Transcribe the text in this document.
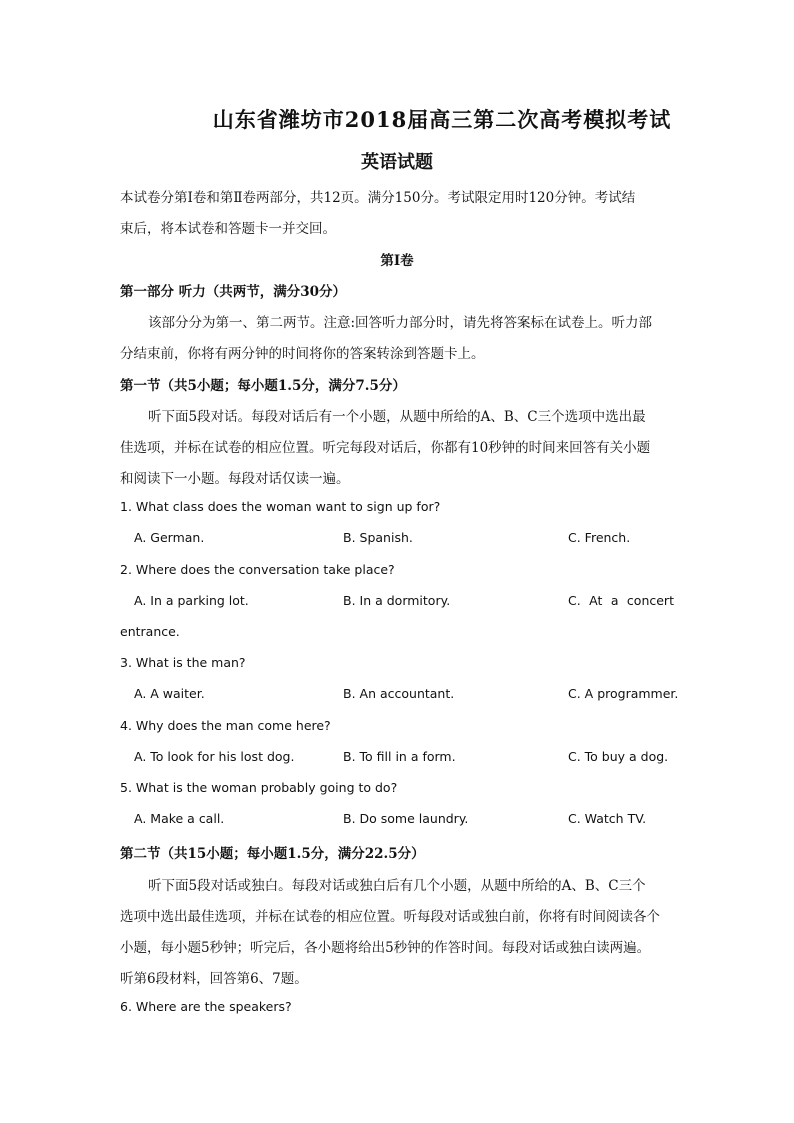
山东省潍坊市2018届高三第二次高考模拟考试
英语试题
本试卷分第Ⅰ卷和第Ⅱ卷两部分，共12页。满分150分。考试限定用时120分钟。考试结
束后，将本试卷和答题卡一并交回。
第Ⅰ卷
第一部分 听力（共两节，满分30分）
该部分分为第一、第二两节。注意:回答听力部分时，请先将答案标在试卷上。听力部
分结束前，你将有两分钟的时间将你的答案转涂到答题卡上。
第一节（共5小题；每小题1.5分，满分7.5分）
听下面5段对话。每段对话后有一个小题，从题中所给的A、B、C三个选项中选出最
佳选项，并标在试卷的相应位置。听完每段对话后，你都有10秒钟的时间来回答有关小题
和阅读下一小题。每段对话仅读一遍。
1. What class does the woman want to sign up for?
A. German.	B. Spanish.	C. French.
2. Where does the conversation take place?
A. In a parking lot.	B. In a dormitory.	C. At a concert
entrance.
3. What is the man?
A. A waiter.	B. An accountant.	C. A programmer.
4. Why does the man come here?
A. To look for his lost dog.	B. To fill in a form.	C. To buy a dog.
5. What is the woman probably going to do?
A. Make a call.	B. Do some laundry.	C. Watch TV.
第二节（共15小题；每小题1.5分，满分22.5分）
听下面5段对话或独白。每段对话或独白后有几个小题，从题中所给的A、B、C三个
选项中选出最佳选项，并标在试卷的相应位置。听每段对话或独白前，你将有时间阅读各个
小题，每小题5秒钟；听完后，各小题将给出5秒钟的作答时间。每段对话或独白读两遍。
听第6段材料，回答第6、7题。
6. Where are the speakers?
